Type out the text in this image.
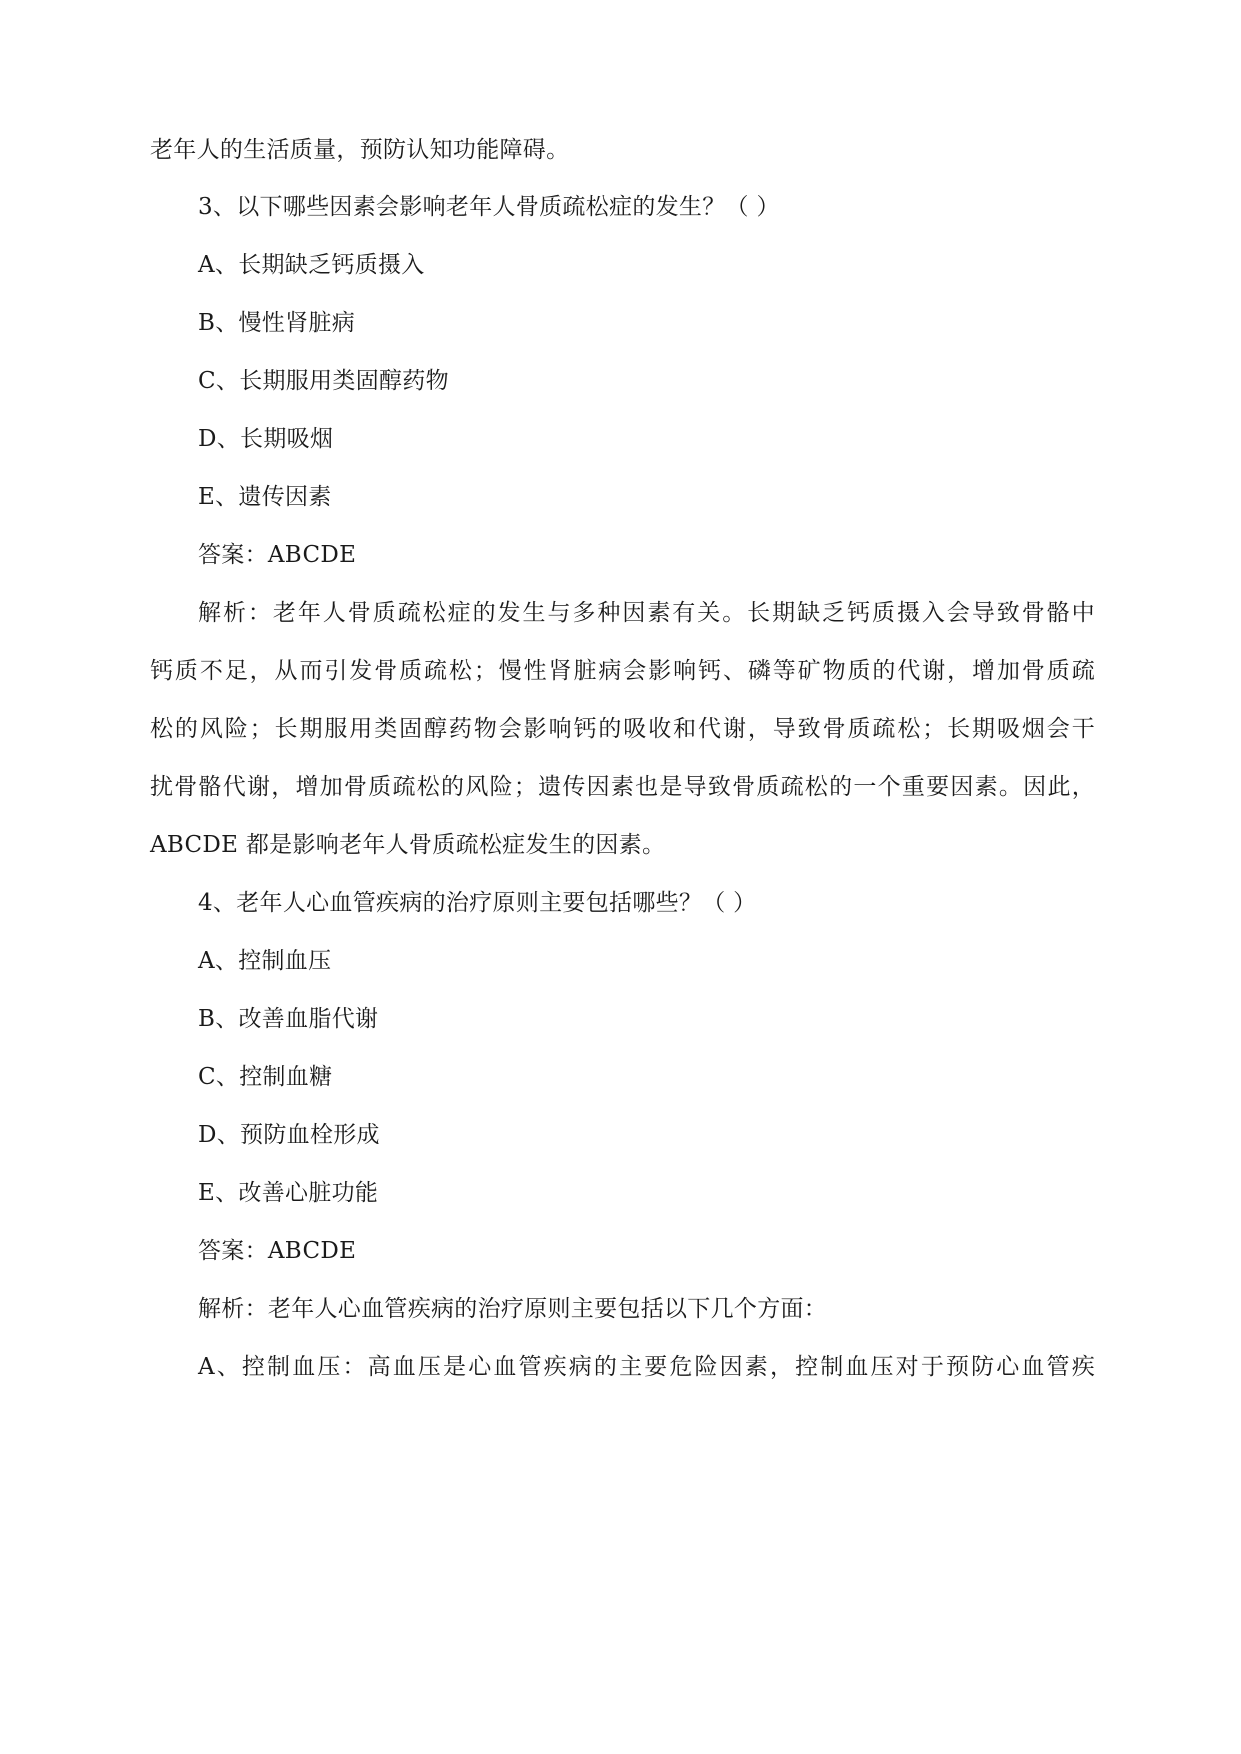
老年人的生活质量，预防认知功能障碍。
3、以下哪些因素会影响老年人骨质疏松症的发生？（ ）
A、长期缺乏钙质摄入
B、慢性肾脏病
C、长期服用类固醇药物
D、长期吸烟
E、遗传因素
答案：ABCDE
解析：老年人骨质疏松症的发生与多种因素有关。长期缺乏钙质摄入会导致骨骼中
钙质不足，从而引发骨质疏松；慢性肾脏病会影响钙、磷等矿物质的代谢，增加骨质疏
松的风险；长期服用类固醇药物会影响钙的吸收和代谢，导致骨质疏松；长期吸烟会干
扰骨骼代谢，增加骨质疏松的风险；遗传因素也是导致骨质疏松的一个重要因素。因此，
ABCDE 都是影响老年人骨质疏松症发生的因素。
4、老年人心血管疾病的治疗原则主要包括哪些？（ ）
A、控制血压
B、改善血脂代谢
C、控制血糖
D、预防血栓形成
E、改善心脏功能
答案：ABCDE
解析：老年人心血管疾病的治疗原则主要包括以下几个方面：
A、控制血压：高血压是心血管疾病的主要危险因素，控制血压对于预防心血管疾
